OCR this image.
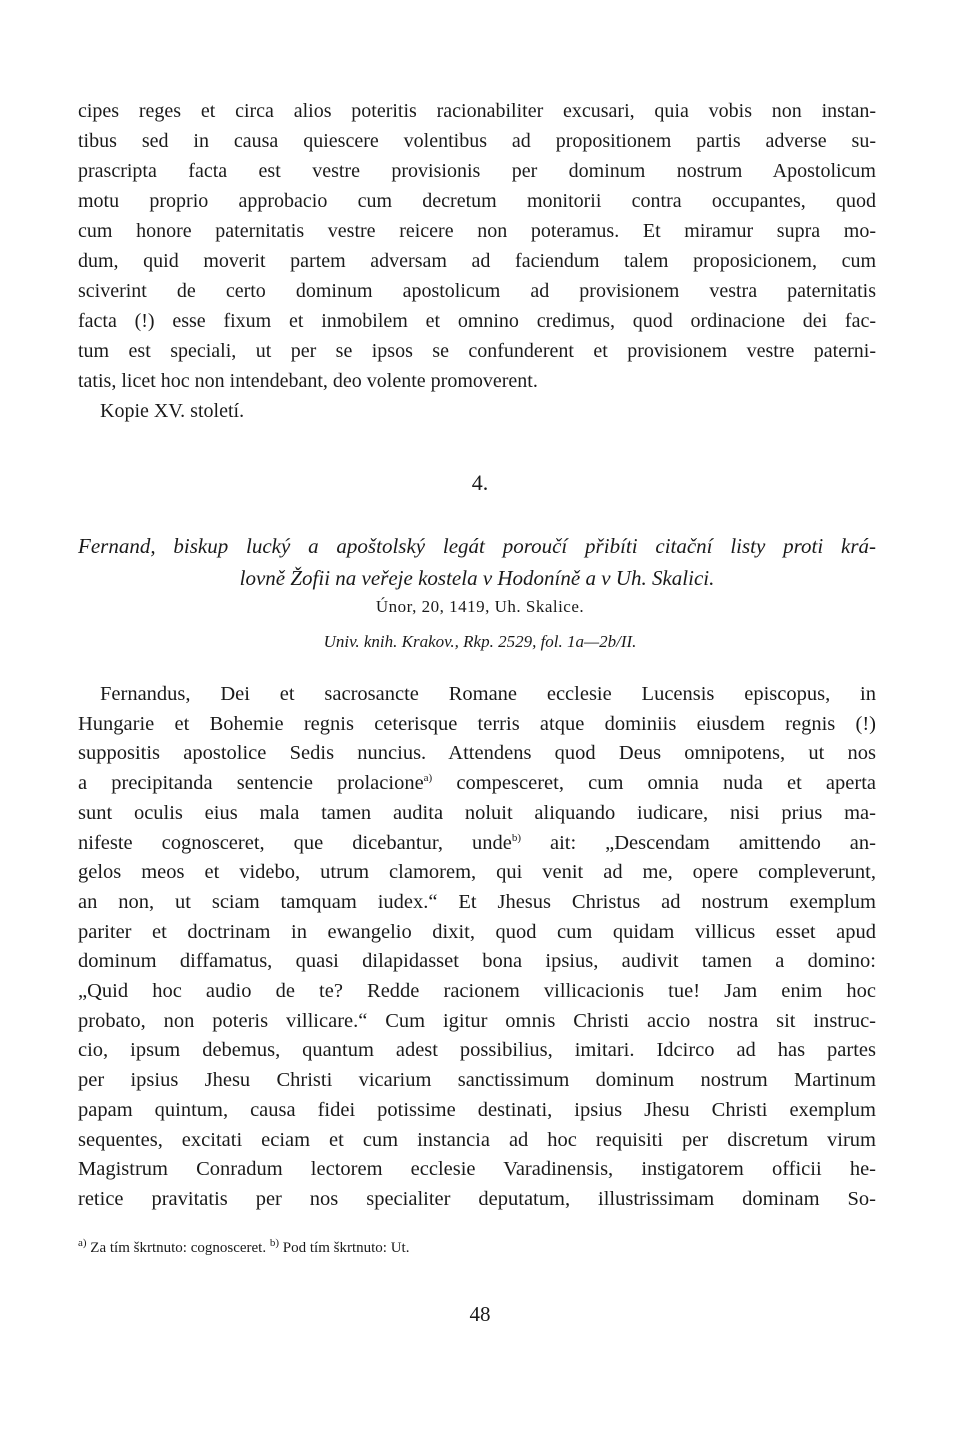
cipes reges et circa alios poteritis racionabiliter excusari, quia vobis non instan-
tibus sed in causa quiescere volentibus ad propositionem partis adverse su-
prascripta facta est vestre provisionis per dominum nostrum Apostolicum
motu proprio approbacio cum decretum monitorii contra occupantes, quod
cum honore paternitatis vestre reicere non poteramus. Et miramur supra mo-
dum, quid moverit partem adversam ad faciendum talem proposicionem, cum
sciverint de certo dominum apostolicum ad provisionem vestra paternitatis
facta (!) esse fixum et inmobilem et omnino credimus, quod ordinacione dei fac-
tum est speciali, ut per se ipsos se confunderent et provisionem vestre paterni-
tatis, licet hoc non intendebant, deo volente promoverent.
Kopie XV. století.
4.
Fernand, biskup lucký a apoštolský legát poroučí přibíti citační listy proti krá-
lovně Žofii na veřeje kostela v Hodoníně a v Uh. Skalici.
Únor, 20, 1419, Uh. Skalice.
Univ. knih. Krakov., Rkp. 2529, fol. 1a—2b/II.
Fernandus, Dei et sacrosancte Romane ecclesie Lucensis episcopus, in
Hungarie et Bohemie regnis ceterisque terris atque dominiis eiusdem regnis (!)
suppositis apostolice Sedis nuncius. Attendens quod Deus omnipotens, ut nos
a precipitanda sentencie prolacione$^{a)}$ compesceret, cum omnia nuda et aperta
sunt oculis eius mala tamen audita noluit aliquando iudicare, nisi prius ma-
nifeste cognosceret, que dicebantur, unde$^{b)}$ ait: „Descendam amittendo an-
gelos meos et videbo, utrum clamorem, qui venit ad me, opere compleverunt,
an non, ut sciam tamquam iudex.“ Et Jhesus Christus ad nostrum exemplum
pariter et doctrinam in ewangelio dixit, quod cum quidam villicus esset apud
dominum diffamatus, quasi dilapidasset bona ipsius, audivit tamen a domino:
„Quid hoc audio de te? Redde racionem villicacionis tue! Jam enim hoc
probato, non poteris villicare.“ Cum igitur omnis Christi accio nostra sit instruc-
cio, ipsum debemus, quantum adest possibilius, imitari. Idcirco ad has partes
per ipsius Jhesu Christi vicarium sanctissimum dominum nostrum Martinum
papam quintum, causa fidei potissime destinati, ipsius Jhesu Christi exemplum
sequentes, excitati eciam et cum instancia ad hoc requisiti per discretum virum
Magistrum Conradum lectorem ecclesie Varadinensis, instigatorem officii he-
retice pravitatis per nos specialiter deputatum, illustrissimam dominam So-
$^{a)}$ Za tím škrtnuto: cognosceret. $^{b)}$ Pod tím škrtnuto: Ut.
48
